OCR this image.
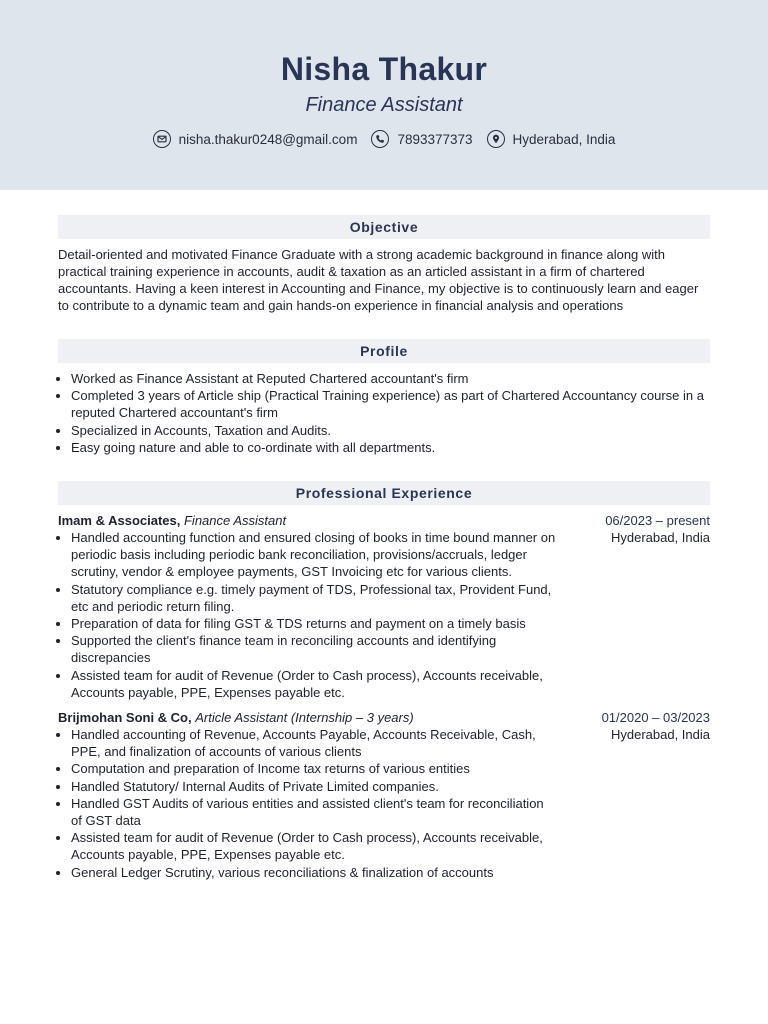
Nisha Thakur
Finance Assistant
nisha.thakur0248@gmail.com	7893377373	Hyderabad, India
Objective

Detail-oriented and motivated Finance Graduate with a strong academic background in finance along with practical training experience in accounts, audit & taxation as an articled assistant in a firm of chartered accountants. Having a keen interest in Accounting and Finance, my objective is to continuously learn and eager to contribute to a dynamic team and gain hands-on experience in financial analysis and operations

Profile
• Worked as Finance Assistant at Reputed Chartered accountant's firm
• Completed 3 years of Article ship (Practical Training experience) as part of Chartered Accountancy course in a reputed Chartered accountant's firm
• Specialized in Accounts, Taxation and Audits.
• Easy going nature and able to co-ordinate with all departments.
Professional Experience
Imam & Associates, Finance Assistant
• Handled accounting function and ensured closing of books in time bound manner on periodic basis including periodic bank reconciliation, provisions/accruals, ledger scrutiny, vendor & employee payments, GST Invoicing etc for various clients.
• Statutory compliance e.g. timely payment of TDS, Professional tax, Provident Fund, etc and periodic return filing.
• Preparation of data for filing GST & TDS returns and payment on a timely basis
• Supported the client's finance team in reconciling accounts and identifying discrepancies
• Assisted team for audit of Revenue (Order to Cash process), Accounts receivable, Accounts payable, PPE, Expenses payable etc.
06/2023 – present
Hyderabad, India
Brijmohan Soni & Co, Article Assistant (Internship – 3 years)
• Handled accounting of Revenue, Accounts Payable, Accounts Receivable, Cash, PPE, and finalization of accounts of various clients
• Computation and preparation of Income tax returns of various entities
• Handled Statutory/ Internal Audits of Private Limited companies.
• Handled GST Audits of various entities and assisted client's team for reconciliation of GST data
• Assisted team for audit of Revenue (Order to Cash process), Accounts receivable, Accounts payable, PPE, Expenses payable etc.
• General Ledger Scrutiny, various reconciliations & finalization of accounts
01/2020 – 03/2023
Hyderabad, India
